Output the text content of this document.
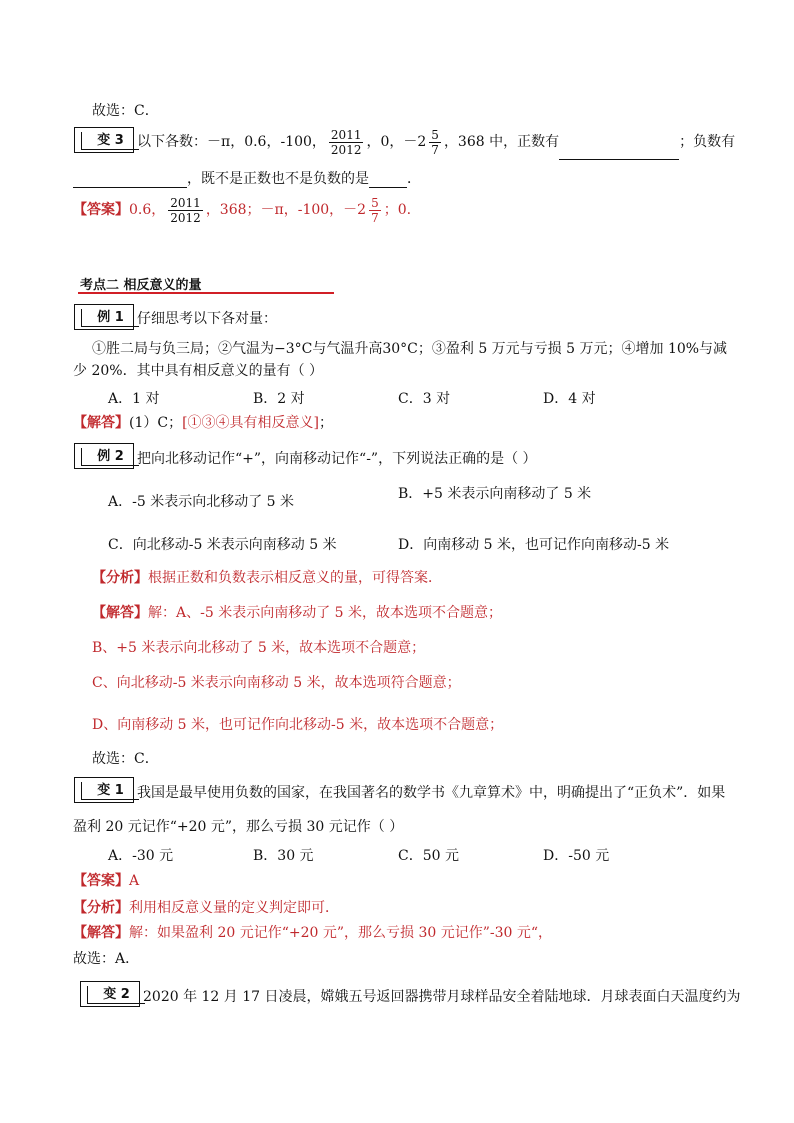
故选：C．
变 3 以下各数：－π，0.6，-100， $\frac{2011}{2012}$ ，0，$-2 \frac{5}{7}$ ，368 中，正数有	；负数有
，既不是正数也不是负数的是	．
【答案】0.6， $\frac{2011}{2012}$ ，368；－π，-100，$-2 \frac{5}{7}$ ；0.
考点二 相反意义的量
例 1 仔细思考以下各对量：
①胜二局与负三局；②气温为−3°C与气温升高30°C；③盈利 5 万元与亏损 5 万元；④增加 10%与减
少 20%．其中具有相反意义的量有（ ）
A．1 对	B．2 对	C．3 对	D．4 对
【解答】(1）C；[①③④具有相反意义]；
例 2 把向北移动记作“+”，向南移动记作“-”，下列说法正确的是（ ）
A．-5 米表示向北移动了 5 米	B．+5 米表示向南移动了 5 米
C．向北移动-5 米表示向南移动 5 米	D．向南移动 5 米，也可记作向南移动-5 米
【分析】根据正数和负数表示相反意义的量，可得答案．
【解答】解：A、-5 米表示向南移动了 5 米，故本选项不合题意；
B、+5 米表示向北移动了 5 米，故本选项不合题意；
C、向北移动-5 米表示向南移动 5 米，故本选项符合题意；
D、向南移动 5 米，也可记作向北移动-5 米，故本选项不合题意；
故选：C．
变 1 我国是最早使用负数的国家，在我国著名的数学书《九章算术》中，明确提出了“正负术”．如果
盈利 20 元记作“+20 元”，那么亏损 30 元记作（ ）
A．-30 元	B．30 元	C．50 元	D．-50 元
【答案】A
【分析】利用相反意义量的定义判定即可．
【解答】解：如果盈利 20 元记作“+20 元”，那么亏损 30 元记作”-30 元“，
故选：A．
变 2 2020 年 12 月 17 日凌晨，嫦娥五号返回器携带月球样品安全着陆地球．月球表面白天温度约为
